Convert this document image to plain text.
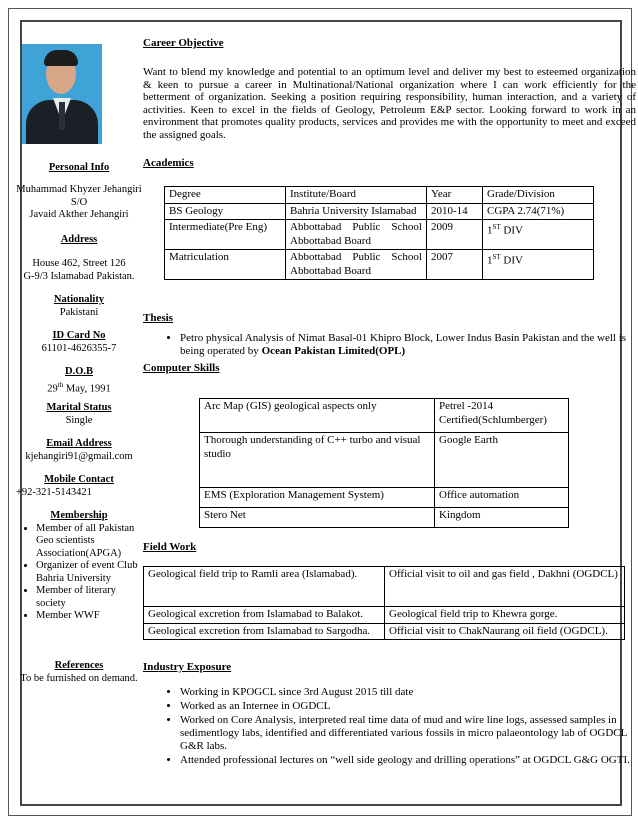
Personal Info
Muhammad Khyzer Jehangiri
S/O
Javaid Akther Jehangiri
Address
House 462, Street 126
G-9/3 Islamabad Pakistan.
Nationality
Pakistani
ID Card No
61101-4626355-7
D.O.B
29th May, 1991
Marital Status
Single
Email Address
kjehangiri91@gmail.com
Mobile Contact
+92-321-5143421
Membership
• Member of all Pakistan Geo scientists Association(APGA)
• Organizer of event Club Bahria University
• Member of literary society
• Member WWF
References
To be furnished on demand.
Career Objective
Want to blend my knowledge and potential to an optimum level and deliver my best to esteemed organization & keen to pursue a career in Multinational/National organization where I can work efficiently for the betterment of organization. Seeking a position requiring responsibility, human interaction, and a variety of activities. Keen to excel in the fields of Geology, Petroleum E&P sector. Looking forward to work in an environment that promotes quality products, services and provides me with the opportunity to meet and exceed the assigned goals.
Academics
Degree	Institute/Board	Year	Grade/Division
BS Geology	Bahria University Islamabad	2010-14	CGPA 2.74(71%)
Intermediate(Pre Eng)	Abbottabad Public School Abbottabad Board	2009	1ST DIV
Matriculation	Abbottabad Public School Abbottabad Board	2007	1ST DIV
Thesis
• Petro physical Analysis of Nimat Basal-01 Khipro Block, Lower Indus Basin Pakistan and the well is being operated by Ocean Pakistan Limited(OPL)
Computer Skills
Arc Map (GIS) geological aspects only	Petrel -2014 Certified(Schlumberger)
Thorough understanding of C++ turbo and visual studio	Google Earth
EMS (Exploration Management System)	Office automation
Stero Net	Kingdom
Field Work
Geological field trip to Ramli area (Islamabad).	Official visit to oil and gas field , Dakhni (OGDCL)
Geological excretion from Islamabad to Balakot.	Geological field trip to Khewra gorge.
Geological excretion from Islamabad to Sargodha.	Official visit to ChakNaurang oil field (OGDCL).
Industry Exposure
• Working in KPOGCL since 3rd August 2015 till date
• Worked as an Internee in OGDCL
• Worked on Core Analysis, interpreted real time data of mud and wire line logs, assessed samples in sedimentlogy labs, identified and differentiated various fossils in micro palaeontology lab of OGDCL G&R labs.
• Attended professional lectures on “well side geology and drilling operations” at OGDCL G&G OGTI.
